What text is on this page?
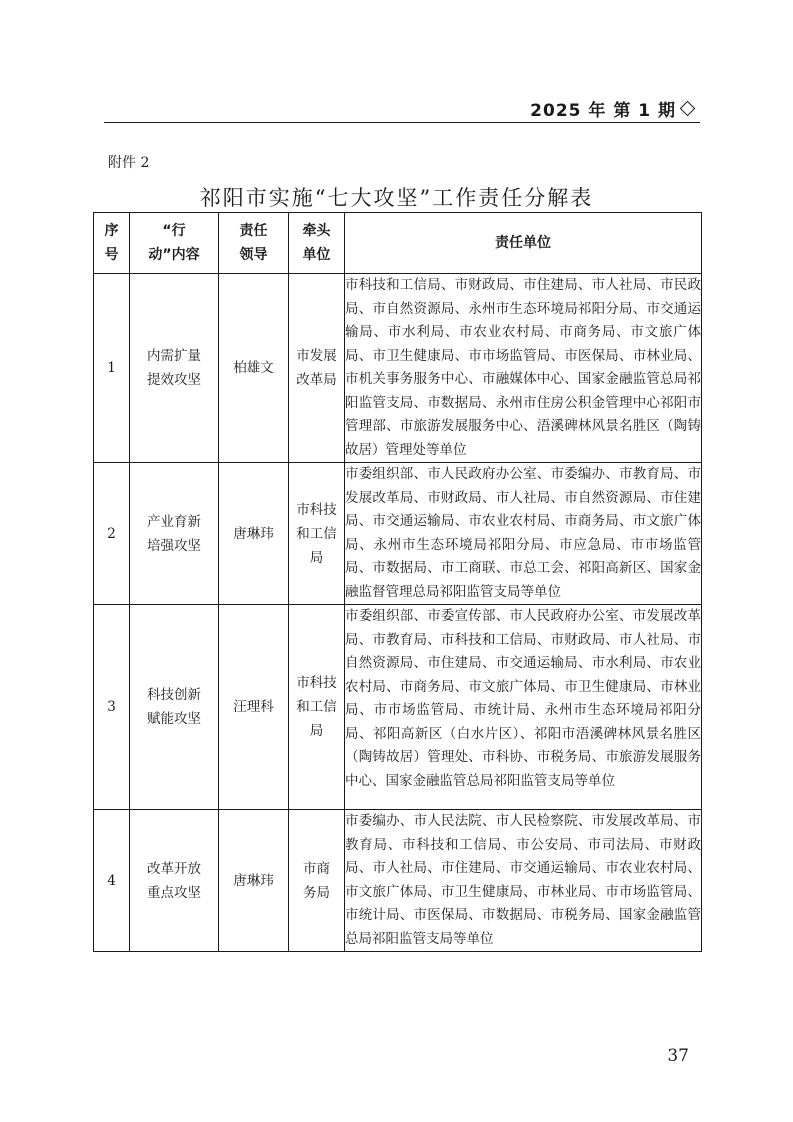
2025 年 第 1 期
附件 2
祁阳市实施“七大攻坚”工作责任分解表
序号	“行动”内容	责任领导	牵头单位	责任单位
1	内需扩量提效攻坚	柏雄文	市发展改革局	市科技和工信局、市财政局、市住建局、市人社局、市民政局、市自然资源局、永州市生态环境局祁阳分局、市交通运输局、市水利局、市农业农村局、市商务局、市文旅广体局、市卫生健康局、市市场监管局、市医保局、市林业局、市机关事务服务中心、市融媒体中心、国家金融监管总局祁阳监管支局、市数据局、永州市住房公积金管理中心祁阳市管理部、市旅游发展服务中心、浯溪碑林风景名胜区（陶铸故居）管理处等单位
2	产业育新培强攻坚	唐琳玮	市科技和工信局	市委组织部、市人民政府办公室、市委编办、市教育局、市发展改革局、市财政局、市人社局、市自然资源局、市住建局、市交通运输局、市农业农村局、市商务局、市文旅广体局、永州市生态环境局祁阳分局、市应急局、市市场监管局、市数据局、市工商联、市总工会、祁阳高新区、国家金融监督管理总局祁阳监管支局等单位
3	科技创新赋能攻坚	汪理科	市科技和工信局	市委组织部、市委宣传部、市人民政府办公室、市发展改革局、市教育局、市科技和工信局、市财政局、市人社局、市自然资源局、市住建局、市交通运输局、市水利局、市农业农村局、市商务局、市文旅广体局、市卫生健康局、市林业局、市市场监管局、市统计局、永州市生态环境局祁阳分局、祁阳高新区（白水片区）、祁阳市浯溪碑林风景名胜区（陶铸故居）管理处、市科协、市税务局、市旅游发展服务中心、国家金融监管总局祁阳监管支局等单位
4	改革开放重点攻坚	唐琳玮	市商务局	市委编办、市人民法院、市人民检察院、市发展改革局、市教育局、市科技和工信局、市公安局、市司法局、市财政局、市人社局、市住建局、市交通运输局、市农业农村局、市文旅广体局、市卫生健康局、市林业局、市市场监管局、市统计局、市医保局、市数据局、市税务局、国家金融监管总局祁阳监管支局等单位
37
